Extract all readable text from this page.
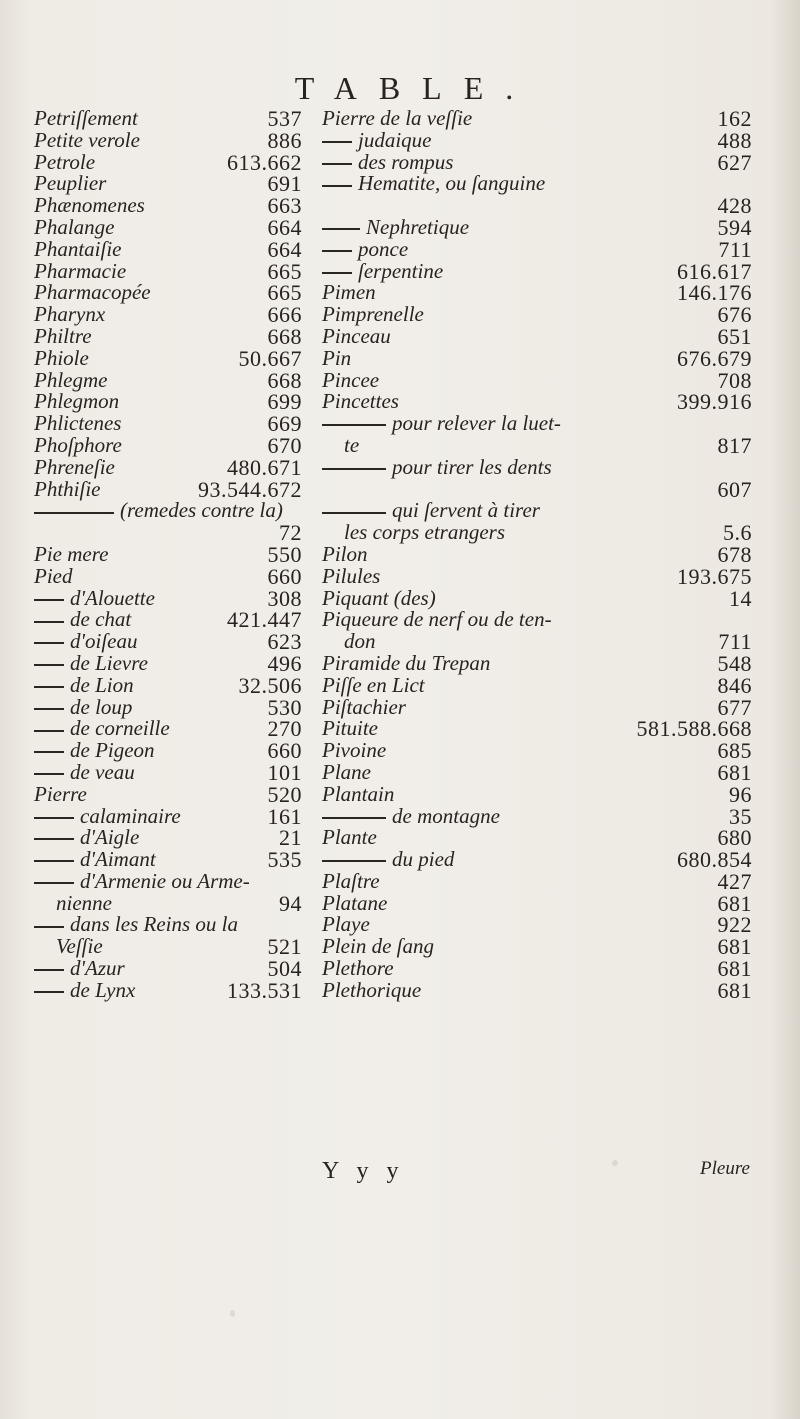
TABLE.
Petriſſement	537
Petite verole	886
Petrole	613.662
Peuplier	691
Phænomenes	663
Phalange	664
Phantaiſie	664
Pharmacie	665
Pharmacopée	665
Pharynx	666
Philtre	668
Phiole	50.667
Phlegme	668
Phlegmon	699
Phlictenes	669
Phoſphore	670
Phreneſie	480.671
Phthiſie	93.544.672
(remedes contre la)
72
Pie mere	550
Pied	660
d'Alouette	308
de chat	421.447
d'oiſeau	623
de Lievre	496
de Lion	32.506
de loup	530
de corneille	270
de Pigeon	660
de veau	101
Pierre	520
calaminaire	161
d'Aigle	21
d'Aimant	535
d'Armenie ou Arme-
nienne	94
dans les Reins ou la
Veſſie	521
d'Azur	504
de Lynx	133.531
Pierre de la veſſie	162
judaique	488
des rompus	627
Hematite, ou ſanguine
428
Nephretique	594
ponce	711
ſerpentine	616.617
Pimen	146.176
Pimprenelle	676
Pinceau	651
Pin	676.679
Pincee	708
Pincettes	399.916
pour relever la luet-
te	817
pour tirer les dents
607
qui ſervent à tirer
les corps etrangers	5.6
Pilon	678
Pilules	193.675
Piquant (des)	14
Piqueure de nerf ou de ten-
don	711
Piramide du Trepan	548
Piſſe en Lict	846
Piſtachier	677
Pituite	581.588.668
Pivoine	685
Plane	681
Plantain	96
de montagne	35
Plante	680
du pied	680.854
Plaſtre	427
Platane	681
Playe	922
Plein de ſang	681
Plethore	681
Plethorique	681
Y y y	Pleure
